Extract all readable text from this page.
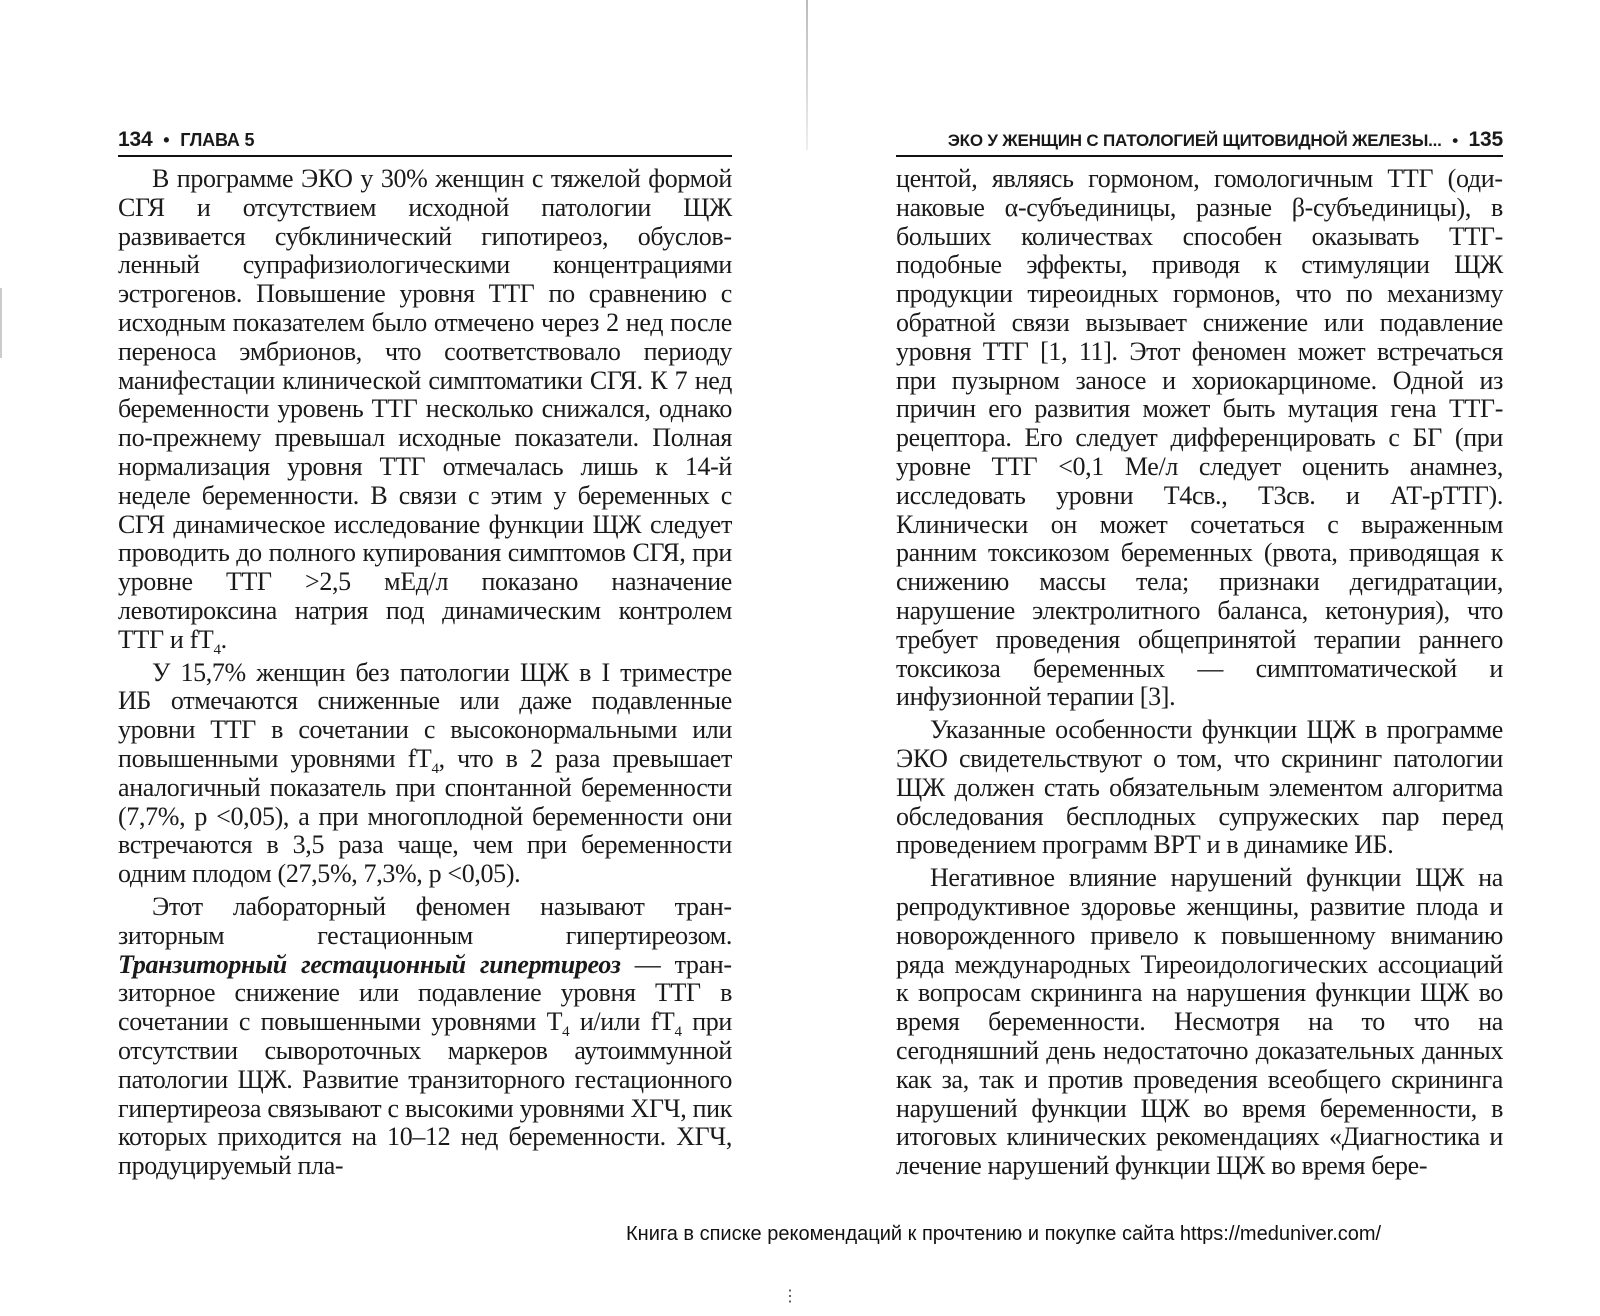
134 • ГЛАВА 5

В программе ЭКО у 30% женщин с тяжелой формой СГЯ и отсутствием исходной патологии ЩЖ развивается субклинический гипотиреоз, обусловленный супрафизиологическими концентрациями эстрогенов. Повышение уровня ТТГ по сравнению с исходным показателем было отмечено через 2 нед после переноса эмбрионов, что соответствовало периоду манифестации клинической симптоматики СГЯ. К 7 нед беременности уровень ТТГ несколько снижался, однако по-прежнему превышал исходные показатели. Полная нормализация уровня ТТГ отмечалась лишь к 14-й неделе беременности. В связи с этим у беременных с СГЯ динамическое исследование функции ЩЖ следует проводить до полного купирования симптомов СГЯ, при уровне ТТГ >2,5 мЕд/л показано назначение левотироксина натрия под динамическим контролем ТТГ и $fT_4$.

У 15,7% женщин без патологии ЩЖ в I триместре ИБ отмечаются сниженные или даже подавленные уровни ТТГ в сочетании с высоконормальными или повышенными уровнями $fT_4$, что в 2 раза превышает аналогичный показатель при спонтанной беременности (7,7%, р <0,05), а при многоплодной беременности они встречаются в 3,5 раза чаще, чем при беременности одним плодом (27,5%, 7,3%, р <0,05).

Этот лабораторный феномен называют транзиторным гестационным гипертиреозом. Транзиторный гестационный гипертиреоз — транзиторное снижение или подавление уровня ТТГ в сочетании с повышенными уровнями $Т_4$ и/или $fT_4$ при отсутствии сывороточных маркеров аутоиммунной патологии ЩЖ. Развитие транзиторного гестационного гипертиреоза связывают с высокими уровнями ХГЧ, пик которых приходится на 10–12 нед беременности. ХГЧ, продуцируемый пла-

ЭКО У ЖЕНЩИН С ПАТОЛОГИЕЙ ЩИТОВИДНОЙ ЖЕЛЕЗЫ... • 135

центой, являясь гормоном, гомологичным ТТГ (одинаковые α-субъединицы, разные β-субъединицы), в больших количествах способен оказывать ТТГ-подобные эффекты, приводя к стимуляции ЩЖ продукции тиреоидных гормонов, что по механизму обратной связи вызывает снижение или подавление уровня ТТГ [1, 11]. Этот феномен может встречаться при пузырном заносе и хориокарциноме. Одной из причин его развития может быть мутация гена ТТГ-рецептора. Его следует дифференцировать с БГ (при уровне ТТГ <0,1 Ме/л следует оценить анамнез, исследовать уровни Т4св., Т3св. и АТ-рТТГ). Клинически он может сочетаться с выраженным ранним токсикозом беременных (рвота, приводящая к снижению массы тела; признаки дегидратации, нарушение электролитного баланса, кетонурия), что требует проведения общепринятой терапии раннего токсикоза беременных — симптоматической и инфузионной терапии [3].

Указанные особенности функции ЩЖ в программе ЭКО свидетельствуют о том, что скрининг патологии ЩЖ должен стать обязательным элементом алгоритма обследования бесплодных супружеских пар перед проведением программ ВРТ и в динамике ИБ.

Негативное влияние нарушений функции ЩЖ на репродуктивное здоровье женщины, развитие плода и новорожденного привело к повышенному вниманию ряда международных Тиреоидологических ассоциаций к вопросам скрининга на нарушения функции ЩЖ во время беременности. Несмотря на то что на сегодняшний день недостаточно доказательных данных как за, так и против проведения всеобщего скрининга нарушений функции ЩЖ во время беременности, в итоговых клинических рекомендациях «Диагностика и лечение нарушений функции ЩЖ во время бере-

Книга в списке рекомендаций к прочтению и покупке сайта https://meduniver.com/
⋮
